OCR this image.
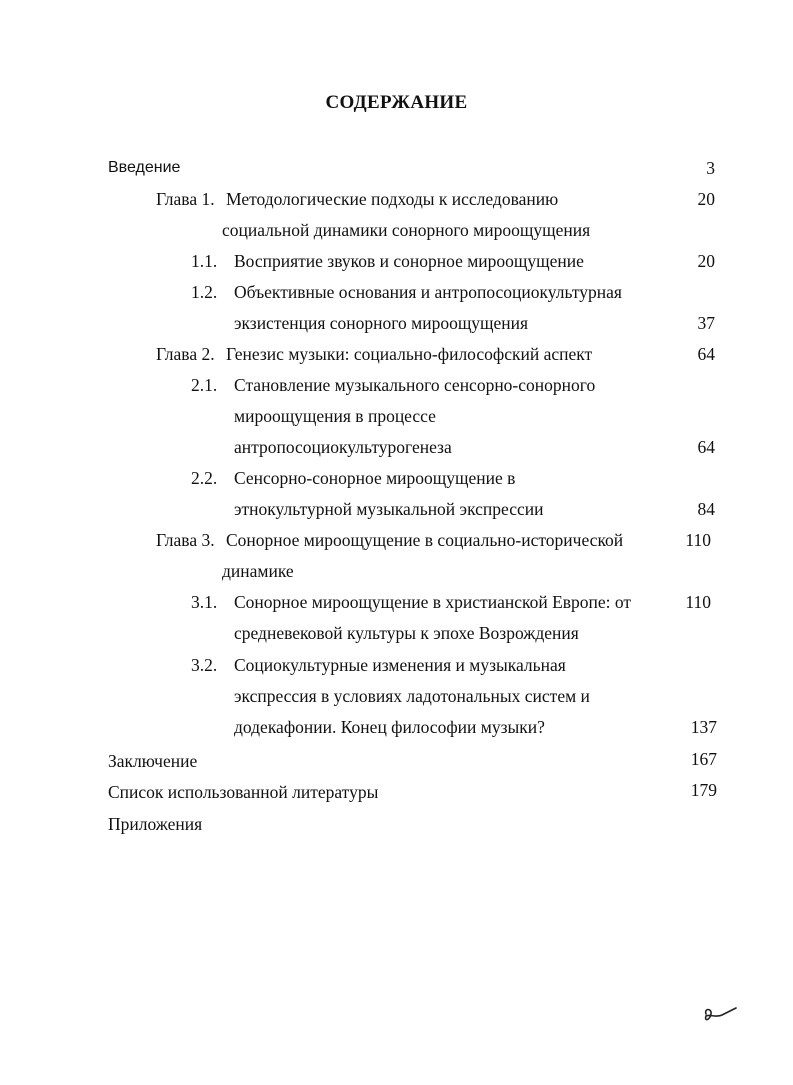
СОДЕРЖАНИЕ
Введение	3
Глава 1. Методологические подходы к исследованию	20
социальной динамики сонорного мироощущения
1.1. Восприятие звуков и сонорное мироощущение	20
1.2. Объективные основания и антропосоциокультурная
экзистенция сонорного мироощущения	37
Глава 2. Генезис музыки: социально-философский аспект	64
2.1. Становление музыкального сенсорно-сонорного
мироощущения в процессе
антропосоциокультурогенеза	64
2.2. Сенсорно-сонорное мироощущение в
этнокультурной музыкальной экспрессии	84
Глава 3. Сонорное мироощущение в социально-исторической	110
динамике
3.1. Сонорное мироощущение в христианской Европе: от	110
средневековой культуры к эпохе Возрождения
3.2. Социокультурные изменения и музыкальная
экспрессия в условиях ладотональных систем и
додекафонии. Конец философии музыки?	137
Заключение	167
Список использованной литературы	179
Приложения
